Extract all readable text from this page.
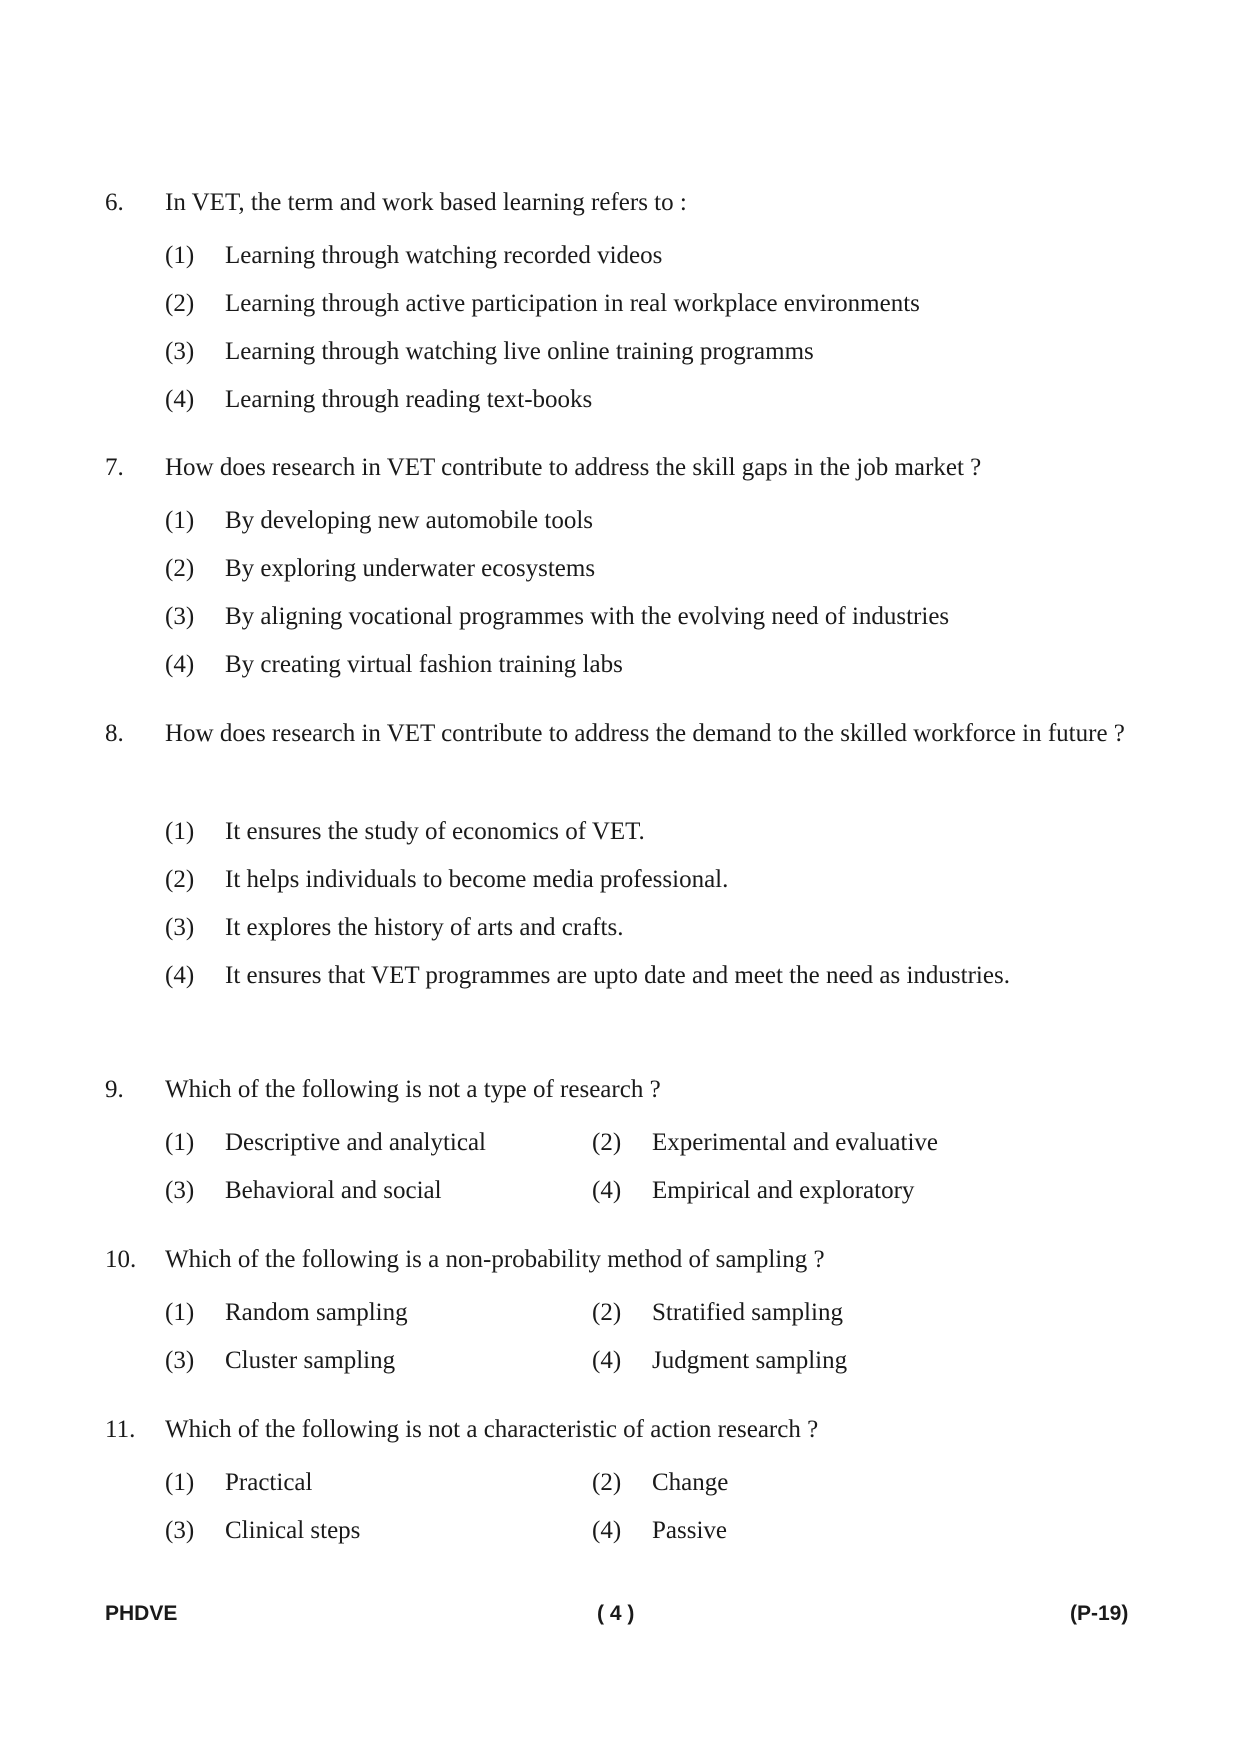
6.	In VET, the term and work based learning refers to :
(1) Learning through watching recorded videos
(2) Learning through active participation in real workplace environments
(3) Learning through watching live online training programms
(4) Learning through reading text-books
7.	How does research in VET contribute to address the skill gaps in the job market ?
(1) By developing new automobile tools
(2) By exploring underwater ecosystems
(3) By aligning vocational programmes with the evolving need of industries
(4) By creating virtual fashion training labs
8.	How does research in VET contribute to address the demand to the skilled workforce in future ?
(1) It ensures the study of economics of VET.
(2) It helps individuals to become media professional.
(3) It explores the history of arts and crafts.
(4) It ensures that VET programmes are upto date and meet the need as industries.
9.	Which of the following is not a type of research ?
(1) Descriptive and analytical	(2) Experimental and evaluative
(3) Behavioral and social	(4) Empirical and exploratory
10.	Which of the following is a non-probability method of sampling ?
(1) Random sampling	(2) Stratified sampling
(3) Cluster sampling	(4) Judgment sampling
11.	Which of the following is not a characteristic of action research ?
(1) Practical	(2) Change
(3) Clinical steps	(4) Passive
PHDVE	( 4 )	(P-19)
